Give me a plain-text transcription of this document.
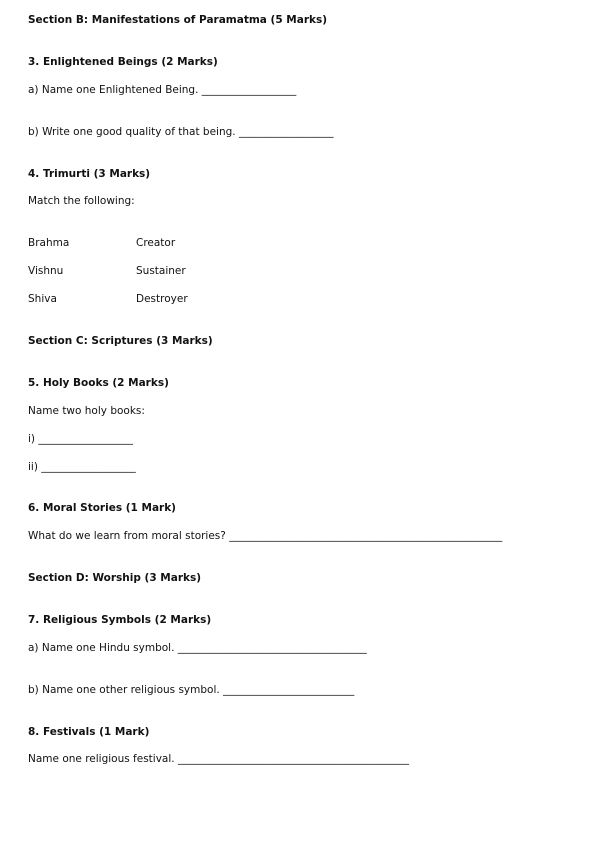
Section B: Manifestations of Paramatma (5 Marks)
3. Enlightened Beings (2 Marks)
a) Name one Enlightened Being. __________________
b) Write one good quality of that being. __________________
4. Trimurti (3 Marks)
Match the following:
Brahma	Creator
Vishnu	Sustainer
Shiva	Destroyer
Section C: Scriptures (3 Marks)
5. Holy Books (2 Marks)
Name two holy books:
i) __________________
ii) __________________
6. Moral Stories (1 Mark)
What do we learn from moral stories? ____________________________________________________
Section D: Worship (3 Marks)
7. Religious Symbols (2 Marks)
a) Name one Hindu symbol. ____________________________________
b) Name one other religious symbol. _________________________
8. Festivals (1 Mark)
Name one religious festival. ____________________________________________
